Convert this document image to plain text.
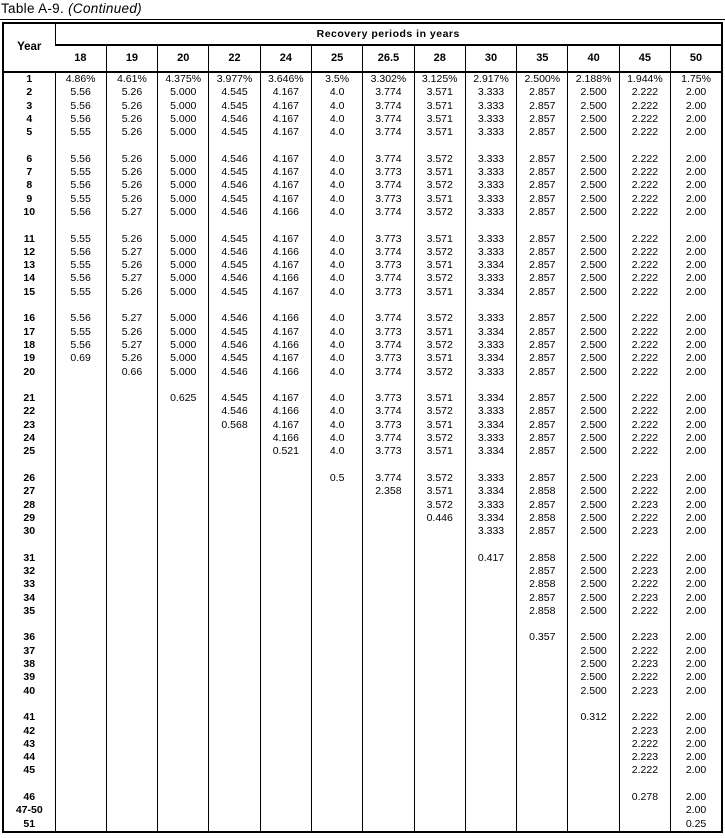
Table A-9. (Continued)
Year	Recovery periods in years												
	18	19	20	22	24	25	26.5	28	30	35	40	45	50
1	4.86%	4.61%	4.375%	3.977%	3.646%	3.5%	3.302%	3.125%	2.917%	2.500%	2.188%	1.944%	1.75%
2	5.56	5.26	5.000	4.545	4.167	4.0	3.774	3.571	3.333	2.857	2.500	2.222	2.00
3	5.56	5.26	5.000	4.545	4.167	4.0	3.774	3.571	3.333	2.857	2.500	2.222	2.00
4	5.56	5.26	5.000	4.546	4.167	4.0	3.774	3.571	3.333	2.857	2.500	2.222	2.00
5	5.55	5.26	5.000	4.545	4.167	4.0	3.774	3.571	3.333	2.857	2.500	2.222	2.00

6	5.56	5.26	5.000	4.546	4.167	4.0	3.774	3.572	3.333	2.857	2.500	2.222	2.00
7	5.55	5.26	5.000	4.545	4.167	4.0	3.773	3.571	3.333	2.857	2.500	2.222	2.00
8	5.56	5.26	5.000	4.546	4.167	4.0	3.774	3.572	3.333	2.857	2.500	2.222	2.00
9	5.55	5.26	5.000	4.545	4.167	4.0	3.773	3.571	3.333	2.857	2.500	2.222	2.00
10	5.56	5.27	5.000	4.546	4.166	4.0	3.774	3.572	3.333	2.857	2.500	2.222	2.00

11	5.55	5.26	5.000	4.545	4.167	4.0	3.773	3.571	3.333	2.857	2.500	2.222	2.00
12	5.56	5.27	5.000	4.546	4.166	4.0	3.774	3.572	3.333	2.857	2.500	2.222	2.00
13	5.55	5.26	5.000	4.545	4.167	4.0	3.773	3.571	3.334	2.857	2.500	2.222	2.00
14	5.56	5.27	5.000	4.546	4.166	4.0	3.774	3.572	3.333	2.857	2.500	2.222	2.00
15	5.55	5.26	5.000	4.545	4.167	4.0	3.773	3.571	3.334	2.857	2.500	2.222	2.00

16	5.56	5.27	5.000	4.546	4.166	4.0	3.774	3.572	3.333	2.857	2.500	2.222	2.00
17	5.55	5.26	5.000	4.545	4.167	4.0	3.773	3.571	3.334	2.857	2.500	2.222	2.00
18	5.56	5.27	5.000	4.546	4.166	4.0	3.774	3.572	3.333	2.857	2.500	2.222	2.00
19	0.69	5.26	5.000	4.545	4.167	4.0	3.773	3.571	3.334	2.857	2.500	2.222	2.00
20		0.66	5.000	4.546	4.166	4.0	3.774	3.572	3.333	2.857	2.500	2.222	2.00

21			0.625	4.545	4.167	4.0	3.773	3.571	3.334	2.857	2.500	2.222	2.00
22				4.546	4.166	4.0	3.774	3.572	3.333	2.857	2.500	2.222	2.00
23				0.568	4.167	4.0	3.773	3.571	3.334	2.857	2.500	2.222	2.00
24					4.166	4.0	3.774	3.572	3.333	2.857	2.500	2.222	2.00
25					0.521	4.0	3.773	3.571	3.334	2.857	2.500	2.222	2.00

26						0.5	3.774	3.572	3.333	2.857	2.500	2.223	2.00
27							2.358	3.571	3.334	2.858	2.500	2.222	2.00
28								3.572	3.333	2.857	2.500	2.223	2.00
29								0.446	3.334	2.858	2.500	2.222	2.00
30									3.333	2.857	2.500	2.223	2.00

31									0.417	2.858	2.500	2.222	2.00
32										2.857	2.500	2.223	2.00
33										2.858	2.500	2.222	2.00
34										2.857	2.500	2.223	2.00
35										2.858	2.500	2.222	2.00

36										0.357	2.500	2.223	2.00
37											2.500	2.222	2.00
38											2.500	2.223	2.00
39											2.500	2.222	2.00
40											2.500	2.223	2.00

41											0.312	2.222	2.00
42												2.223	2.00
43												2.222	2.00
44												2.223	2.00
45												2.222	2.00

46												0.278	2.00
47-50													2.00
51													0.25
